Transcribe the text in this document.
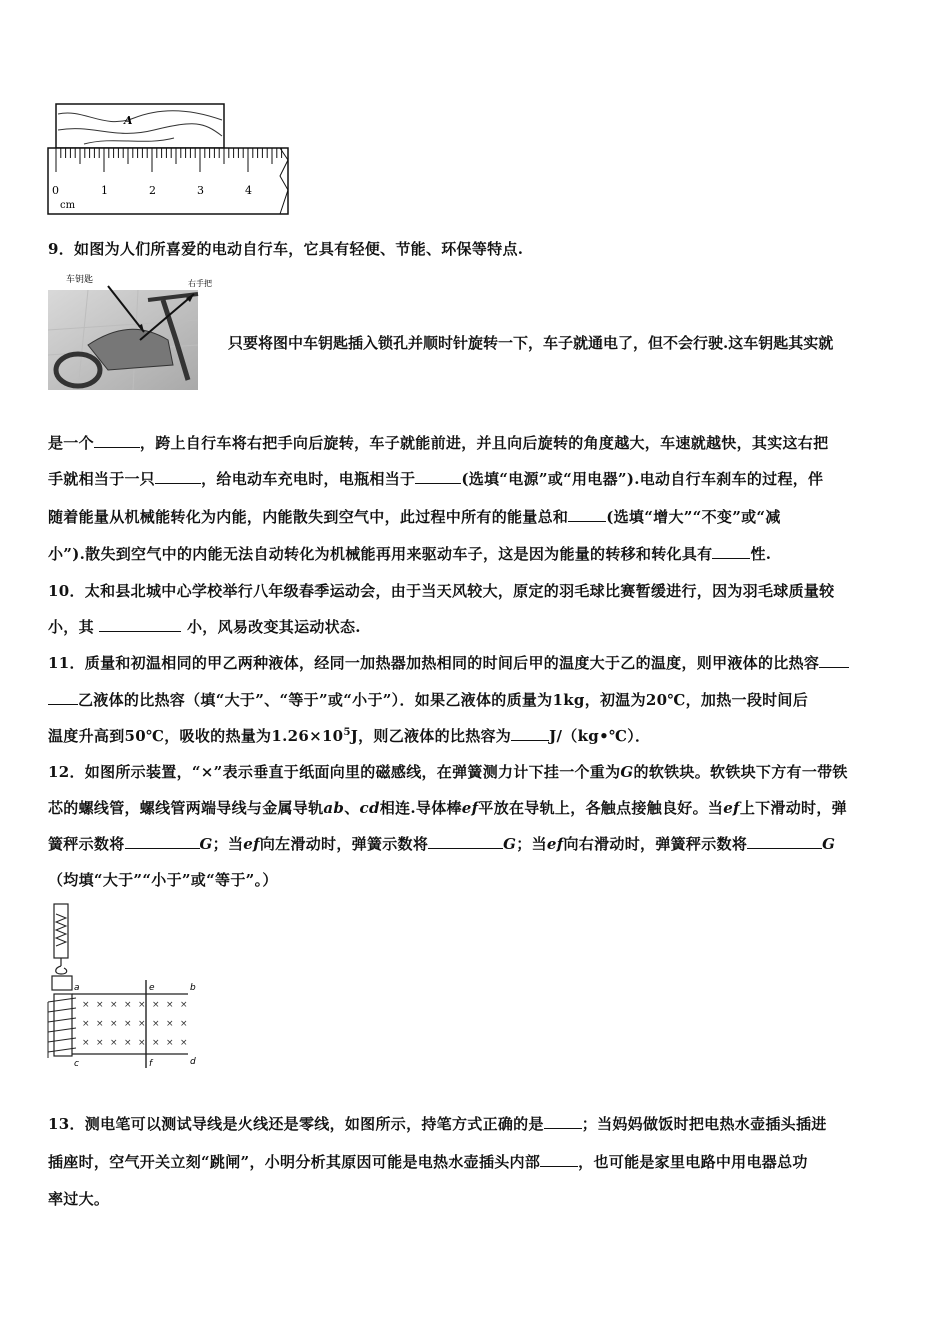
A
0	1	2	3	4
cm
9．如图为人们所喜爱的电动自行车，它具有轻便、节能、环保等特点.
车钥匙	右手把
只要将图中车钥匙插入锁孔并顺时针旋转一下，车子就通电了，但不会行驶.这车钥匙其实就
是一个	，跨上自行车将右把手向后旋转，车子就能前进，并且向后旋转的角度越大，车速就越快，其实这右把
手就相当于一只	，给电动车充电时，电瓶相当于	(选填“电源”或“用电器”).电动自行车刹车的过程，伴
随着能量从机械能转化为内能，内能散失到空气中，此过程中所有的能量总和	(选填“增大”“不变”或“减
小”).散失到空气中的内能无法自动转化为机械能再用来驱动车子，这是因为能量的转移和转化具有	性.
10．太和县北城中心学校举行八年级春季运动会，由于当天风较大，原定的羽毛球比赛暂缓进行，因为羽毛球质量较
小，其	小，风易改变其运动状态.
11．质量和初温相同的甲乙两种液体，经同一加热器加热相同的时间后甲的温度大于乙的温度，则甲液体的比热容
乙液体的比热容（填“大于”、“等于”或“小于”）．如果乙液体的质量为1kg，初温为20℃，加热一段时间后
温度升高到50℃，吸收的热量为$1.26\times 10^5J$，则乙液体的比热容为	J/（kg•℃）．
12．如图所示装置，“×”表示垂直于纸面向里的磁感线，在弹簧测力计下挂一个重为G的软铁块。软铁块下方有一带铁
芯的螺线管，螺线管两端导线与金属导轨ab、cd相连.导体棒ef平放在导轨上，各触点接触良好。当ef上下滑动时，弹
簧秤示数将	G；当ef向左滑动时，弹簧示数将	G；当ef向右滑动时，弹簧秤示数将	G
（均填“大于”“小于”或“等于”。）
× × × × × × × ×
× × × × × × × ×
× × × × × × × ×
a	b
c	d
e
f
13．测电笔可以测试导线是火线还是零线，如图所示，持笔方式正确的是	；当妈妈做饭时把电热水壶插头插进
插座时，空气开关立刻“跳闸”，小明分析其原因可能是电热水壶插头内部	，也可能是家里电路中用电器总功
率过大。
